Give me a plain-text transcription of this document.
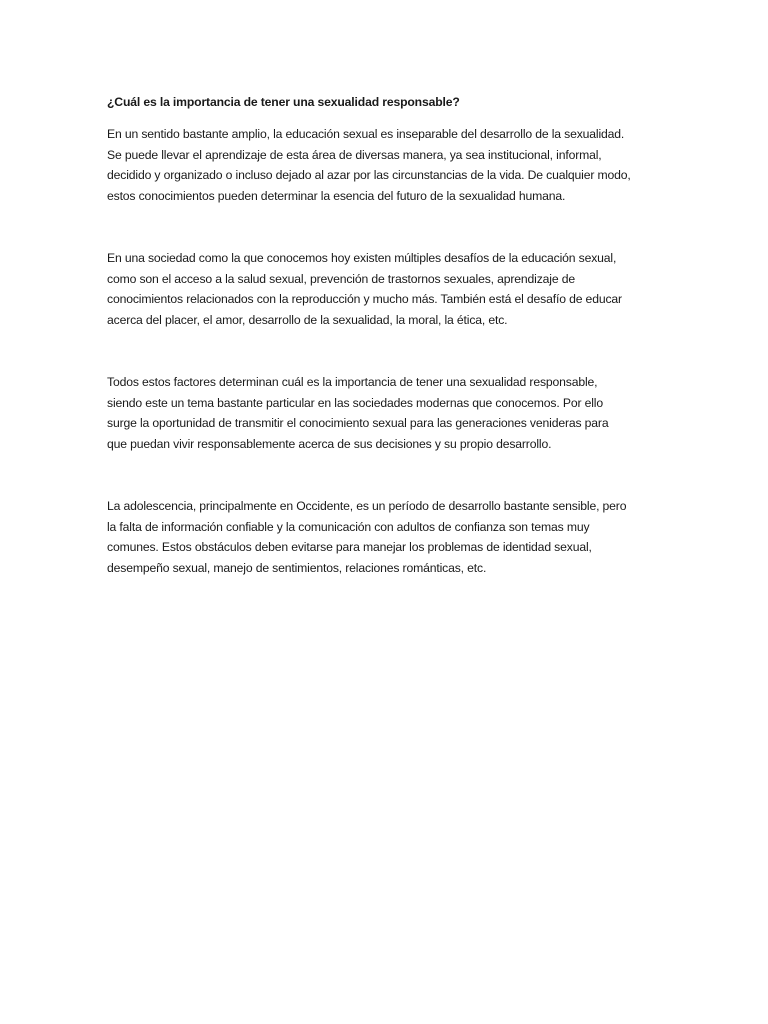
¿Cuál es la importancia de tener una sexualidad responsable?

En un sentido bastante amplio, la educación sexual es inseparable del desarrollo de la sexualidad.
Se puede llevar el aprendizaje de esta área de diversas manera, ya sea institucional, informal,
decidido y organizado o incluso dejado al azar por las circunstancias de la vida. De cualquier modo,
estos conocimientos pueden determinar la esencia del futuro de la sexualidad humana.

En una sociedad como la que conocemos hoy existen múltiples desafíos de la educación sexual,
como son el acceso a la salud sexual, prevención de trastornos sexuales, aprendizaje de
conocimientos relacionados con la reproducción y mucho más. También está el desafío de educar
acerca del placer, el amor, desarrollo de la sexualidad, la moral, la ética, etc.

Todos estos factores determinan cuál es la importancia de tener una sexualidad responsable,
siendo este un tema bastante particular en las sociedades modernas que conocemos. Por ello
surge la oportunidad de transmitir el conocimiento sexual para las generaciones venideras para
que puedan vivir responsablemente acerca de sus decisiones y su propio desarrollo.

La adolescencia, principalmente en Occidente, es un período de desarrollo bastante sensible, pero
la falta de información confiable y la comunicación con adultos de confianza son temas muy
comunes. Estos obstáculos deben evitarse para manejar los problemas de identidad sexual,
desempeño sexual, manejo de sentimientos, relaciones románticas, etc.
